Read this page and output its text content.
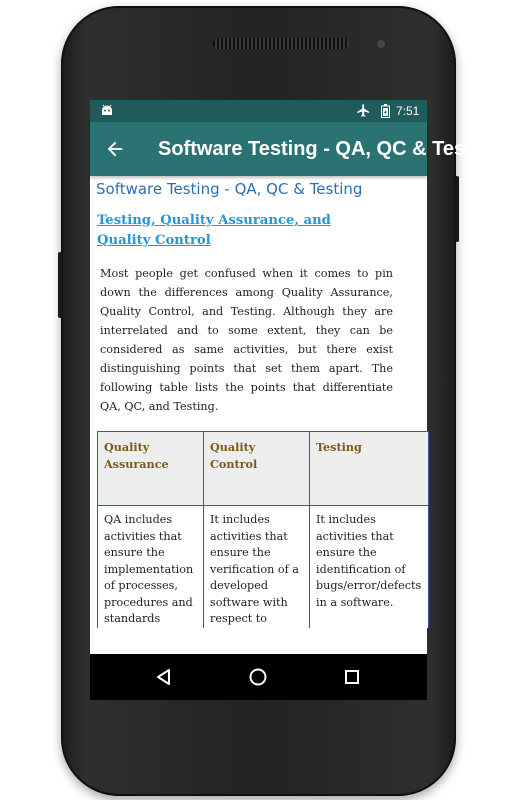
7:51
Software Testing - QA, QC & Testing
Software Testing - QA, QC & Testing
Testing, Quality Assurance, and Quality Control

Most people get confused when it comes to pin down the differences among Quality Assurance, Quality Control, and Testing. Although they are interrelated and to some extent, they can be considered as same activities, but there exist distinguishing points that set them apart. The following table lists the points that differentiate QA, QC, and Testing.

Quality Assurance	Quality Control	Testing
QA includes activities that ensure the implementation of processes, procedures and standards	It includes activities that ensure the verification of a developed software with respect to	It includes activities that ensure the identification of bugs/error/defects in a software.
